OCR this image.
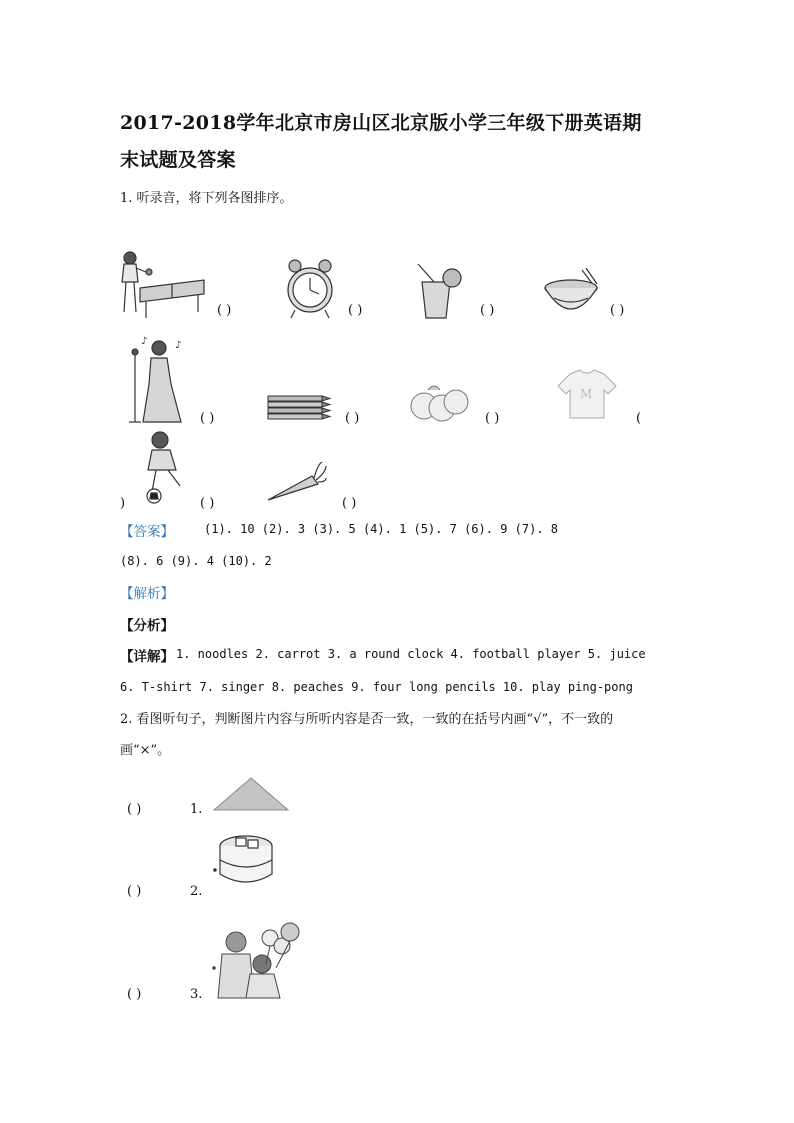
2017-2018学年北京市房山区北京版小学三年级下册英语期
末试题及答案
1. 听录音，将下列各图排序。
( )	( )	( )	( )
♪	♪
( )	( )	( )
M
(
)	( )	( )
【答案】	(1). 10 (2). 3 (3). 5 (4). 1 (5). 7 (6). 9 (7). 8
(8). 6 (9). 4 (10). 2
【解析】
【分析】
【详解】 1. noodles 2. carrot 3. a round clock 4. football player 5. juice
6. T-shirt 7. singer 8. peaches 9. four long pencils 10. play ping-pong
2. 看图听句子，判断图片内容与所听内容是否一致，一致的在括号内画“√”，不一致的
画“×”。
( )	1.
( )	2.
( )	3.
